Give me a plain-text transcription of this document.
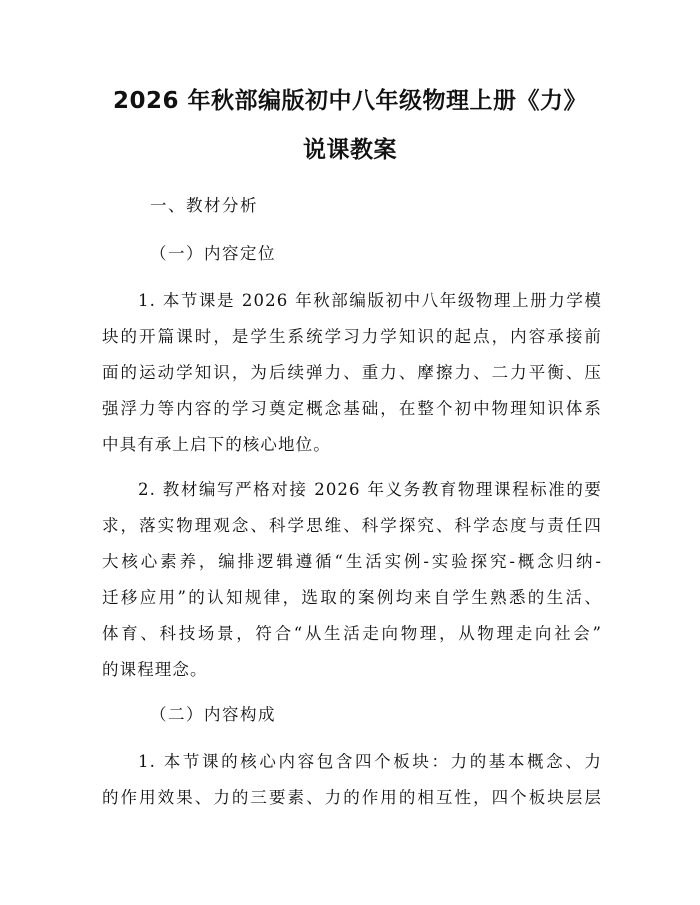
2026 年秋部编版初中八年级物理上册《力》
说课教案
一、教材分析
（一）内容定位
1. 本节课是 2026 年秋部编版初中八年级物理上册力学模
块的开篇课时，是学生系统学习力学知识的起点，内容承接前
面的运动学知识，为后续弹力、重力、摩擦力、二力平衡、压
强浮力等内容的学习奠定概念基础，在整个初中物理知识体系
中具有承上启下的核心地位。
2. 教材编写严格对接 2026 年义务教育物理课程标准的要
求，落实物理观念、科学思维、科学探究、科学态度与责任四
大核心素养，编排逻辑遵循“生活实例-实验探究-概念归纳-
迁移应用”的认知规律，选取的案例均来自学生熟悉的生活、
体育、科技场景，符合“从生活走向物理，从物理走向社会”
的课程理念。
（二）内容构成
1. 本节课的核心内容包含四个板块：力的基本概念、力
的作用效果、力的三要素、力的作用的相互性，四个板块层层
